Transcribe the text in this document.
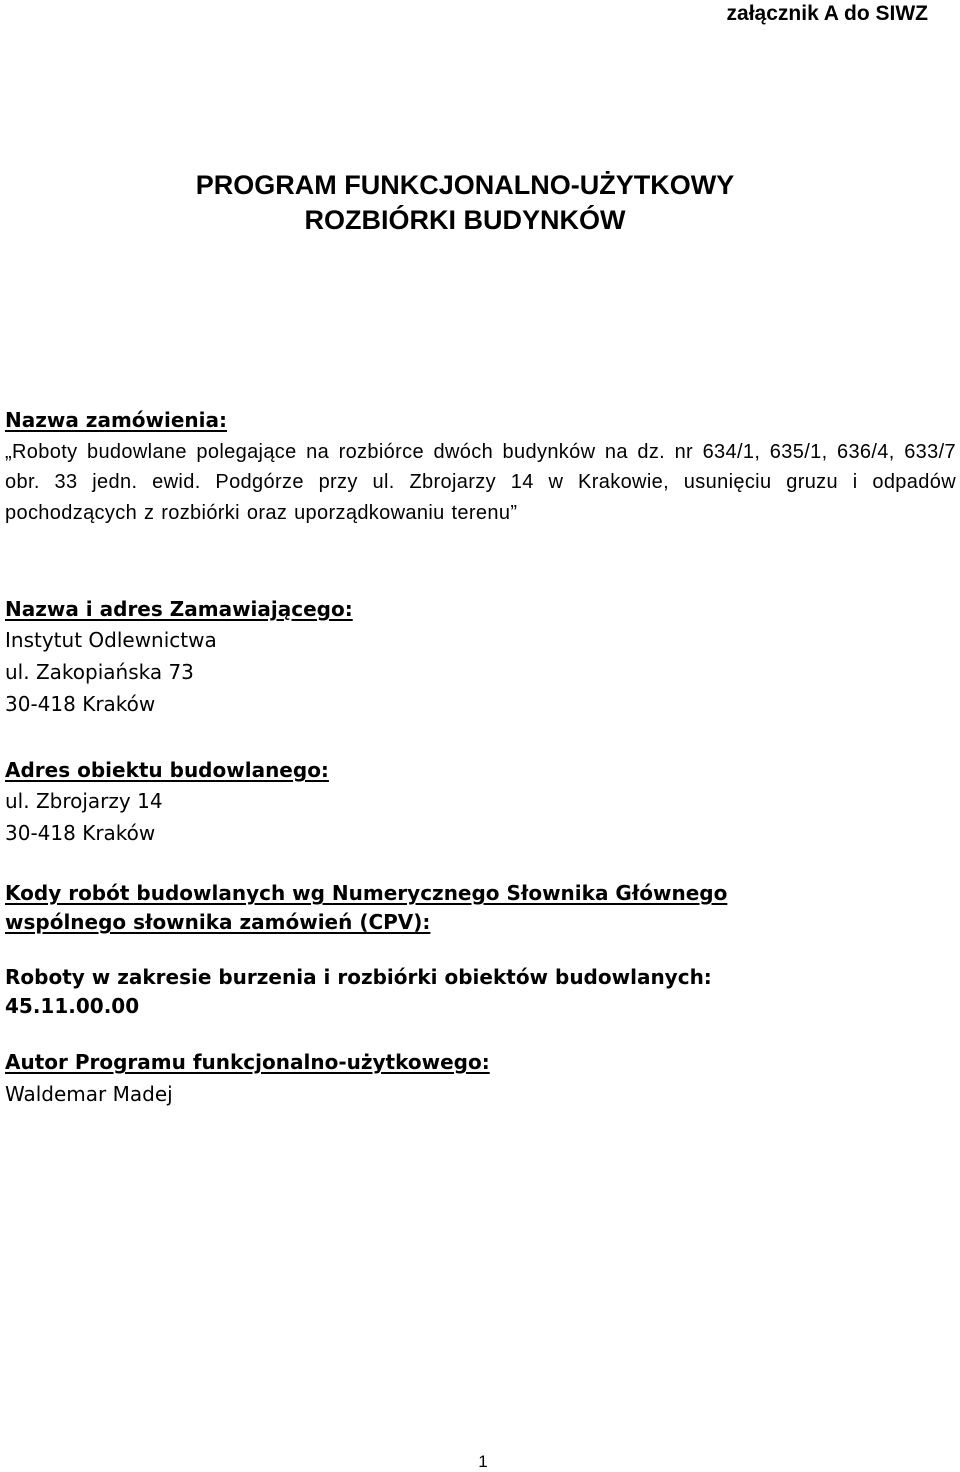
załącznik A do SIWZ
PROGRAM FUNKCJONALNO-UŻYTKOWY
ROZBIÓRKI BUDYNKÓW
Nazwa zamówienia:
„Roboty budowlane polegające na rozbiórce dwóch budynków na dz. nr 634/1, 635/1, 636/4, 633/7 obr. 33 jedn. ewid. Podgórze przy ul. Zbrojarzy 14 w Krakowie, usunięciu gruzu i odpadów pochodzących z rozbiórki oraz uporządkowaniu terenu”
Nazwa i adres Zamawiającego:
Instytut Odlewnictwa
ul. Zakopiańska 73
30-418 Kraków
Adres obiektu budowlanego:
ul. Zbrojarzy 14
30-418 Kraków
Kody robót budowlanych wg Numerycznego Słownika Głównego
wspólnego słownika zamówień (CPV):
Roboty w zakresie burzenia i rozbiórki obiektów budowlanych:
45.11.00.00
Autor Programu funkcjonalno-użytkowego:
Waldemar Madej
1
